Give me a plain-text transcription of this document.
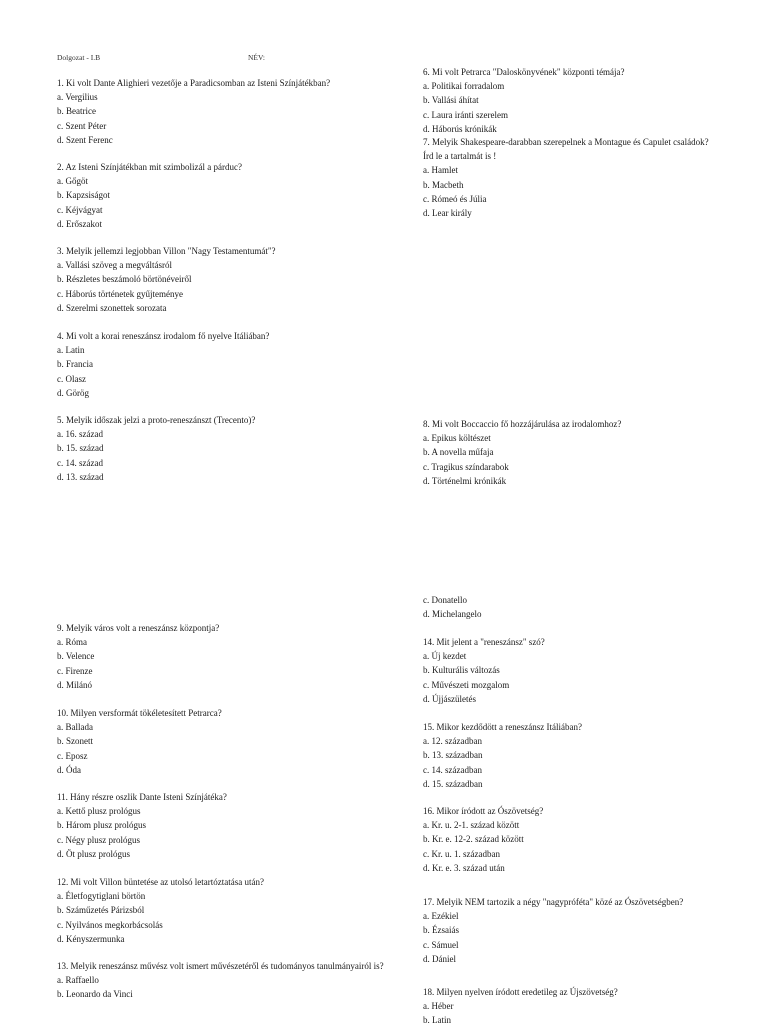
Dolgozat - I.B	NÉV:
1. Ki volt Dante Alighieri vezetője a Paradicsomban az Isteni Színjátékban?
a. Vergilius
b. Beatrice
c. Szent Péter
d. Szent Ferenc
2. Az Isteni Színjátékban mit szimbolizál a párduc?
a. Gőgöt
b. Kapzsiságot
c. Kéjvágyat
d. Erőszakot
3. Melyik jellemzi legjobban Villon "Nagy Testamentumát"?
a. Vallási szöveg a megváltásról
b. Részletes beszámoló börtönéveiről
c. Háborús történetek gyűjteménye
d. Szerelmi szonettek sorozata
4. Mi volt a korai reneszánsz irodalom fő nyelve Itáliában?
a. Latin
b. Francia
c. Olasz
d. Görög
5. Melyik időszak jelzi a proto-reneszánszt (Trecento)?
a. 16. század
b. 15. század
c. 14. század
d. 13. század
9. Melyik város volt a reneszánsz központja?
a. Róma
b. Velence
c. Firenze
d. Milánó
10. Milyen versformát tökéletesített Petrarca?
a. Ballada
b. Szonett
c. Eposz
d. Óda
11. Hány részre oszlik Dante Isteni Színjátéka?
a. Kettő plusz prológus
b. Három plusz prológus
c. Négy plusz prológus
d. Öt plusz prológus
12. Mi volt Villon büntetése az utolsó letartóztatása után?
a. Életfogytiglani börtön
b. Száműzetés Párizsból
c. Nyilvános megkorbácsolás
d. Kényszermunka
13. Melyik reneszánsz művész volt ismert művészetéről és tudományos tanulmányairól is?
a. Raffaello
b. Leonardo da Vinci
6. Mi volt Petrarca "Daloskönyvének" központi témája?
a. Politikai forradalom
b. Vallási áhítat
c. Laura iránti szerelem
d. Háborús krónikák
7. Melyik Shakespeare-darabban szerepelnek a Montague és Capulet családok?
Írd le a tartalmát is !
a. Hamlet
b. Macbeth
c. Rómeó és Júlia
d. Lear király
8. Mi volt Boccaccio fő hozzájárulása az irodalomhoz?
a. Epikus költészet
b. A novella műfaja
c. Tragikus színdarabok
d. Történelmi krónikák
c. Donatello
d. Michelangelo
14. Mit jelent a "reneszánsz" szó?
a. Új kezdet
b. Kulturális változás
c. Művészeti mozgalom
d. Újjászületés
15. Mikor kezdődött a reneszánsz Itáliában?
a. 12. században
b. 13. században
c. 14. században
d. 15. században
16. Mikor íródott az Ószövetség?
a. Kr. u. 2-1. század között
b. Kr. e. 12-2. század között
c. Kr. u. 1. században
d. Kr. e. 3. század után
17. Melyik NEM tartozik a négy "nagypróféta" közé az Ószövetségben?
a. Ezékiel
b. Ézsaiás
c. Sámuel
d. Dániel
18. Milyen nyelven íródott eredetileg az Újszövetség?
a. Héber
b. Latin
